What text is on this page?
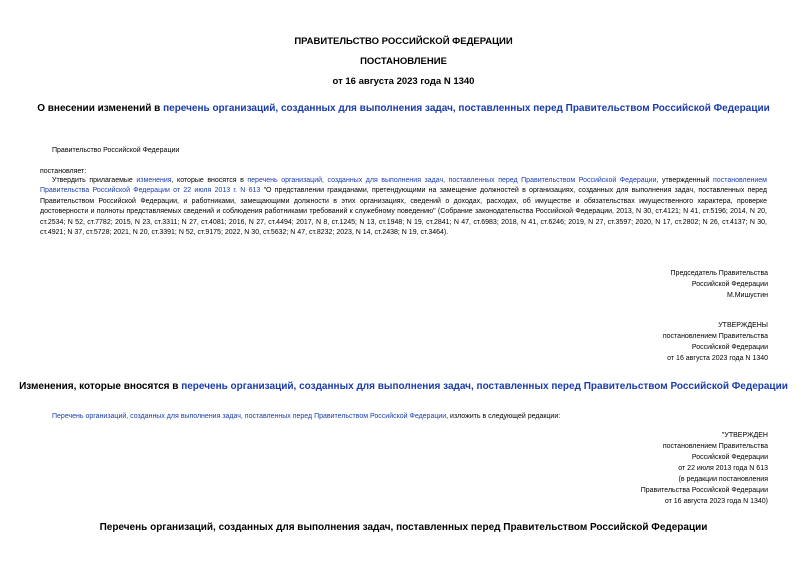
ПРАВИТЕЛЬСТВО РОССИЙСКОЙ ФЕДЕРАЦИИ
ПОСТАНОВЛЕНИЕ
от 16 августа 2023 года N 1340
О внесении изменений в перечень организаций, созданных для выполнения задач, поставленных перед Правительством Российской Федерации
Правительство Российской Федерации
постановляет:
Утвердить прилагаемые изменения, которые вносятся в перечень организаций, созданных для выполнения задач, поставленных перед Правительством Российской Федерации, утвержденный постановлением Правительства Российской Федерации от 22 июля 2013 г. N 613 "О представлении гражданами, претендующими на замещение должностей в организациях, созданных для выполнения задач, поставленных перед Правительством Российской Федерации, и работниками, замещающими должности в этих организациях, сведений о доходах, расходах, об имуществе и обязательствах имущественного характера, проверке достоверности и полноты представляемых сведений и соблюдения работниками требований к служебному поведению" (Собрание законодательства Российской Федерации, 2013, N 30, ст.4121; N 41, ст.5196; 2014, N 20, ст.2534; N 52, ст.7782; 2015, N 23, ст.3311; N 27, ст.4081; 2016, N 27, ст.4494; 2017, N 8, ст.1245; N 13, ст.1948; N 19, ст.2841; N 47, ст.6983; 2018, N 41, ст.6246; 2019, N 27, ст.3597; 2020, N 17, ст.2802; N 26, ст.4137; N 30, ст.4921; N 37, ст.5728; 2021, N 20, ст.3391; N 52, ст.9175; 2022, N 30, ст.5632; N 47, ст.8232; 2023, N 14, ст.2438; N 19, ст.3464).
Председатель Правительства
Российской Федерации
М.Мишустин
УТВЕРЖДЕНЫ
постановлением Правительства
Российской Федерации
от 16 августа 2023 года N 1340
Изменения, которые вносятся в перечень организаций, созданных для выполнения задач, поставленных перед Правительством Российской Федерации
Перечень организаций, созданных для выполнения задач, поставленных перед Правительством Российской Федерации, изложить в следующей редакции:
"УТВЕРЖДЕН
постановлением Правительства
Российской Федерации
от 22 июля 2013 года N 613
(в редакции постановления
Правительства Российской Федерации
от 16 августа 2023 года N 1340)
Перечень организаций, созданных для выполнения задач, поставленных перед Правительством Российской Федерации
